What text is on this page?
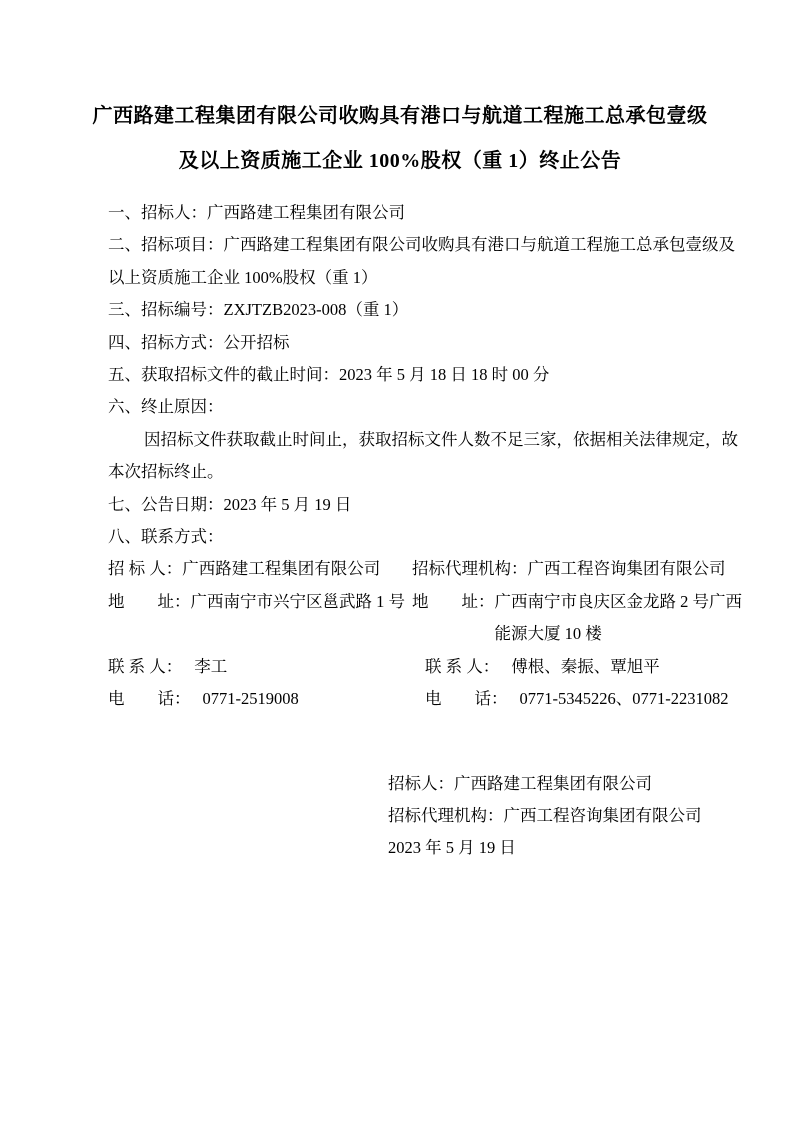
广西路建工程集团有限公司收购具有港口与航道工程施工总承包壹级
及以上资质施工企业 100%股权（重 1）终止公告

一、招标人：广西路建工程集团有限公司

二、招标项目：广西路建工程集团有限公司收购具有港口与航道工程施工总承包壹级及以上资质施工企业 100%股权（重 1）

三、招标编号：ZXJTZB2023-008（重 1）

四、招标方式：公开招标

五、获取招标文件的截止时间：2023 年 5 月 18 日 18 时 00 分

六、终止原因：

因招标文件获取截止时间止，获取招标文件人数不足三家，依据相关法律规定，故本次招标终止。

七、公告日期：2023 年 5 月 19 日

八、联系方式：

招 标 人： 广西路建工程集团有限公司 招标代理机构： 广西工程咨询集团有限公司
地　　址： 广西南宁市兴宁区邕武路 1 号 地　　址： 广西南宁市良庆区金龙路 2 号广西能源大厦 10 楼
联 系 人： 李工	联 系 人： 傅根、秦振、覃旭平
电　　话： 0771-2519008	电　　话： 0771-5345226、0771-2231082

招标人：广西路建工程集团有限公司

招标代理机构：广西工程咨询集团有限公司

2023 年 5 月 19 日
